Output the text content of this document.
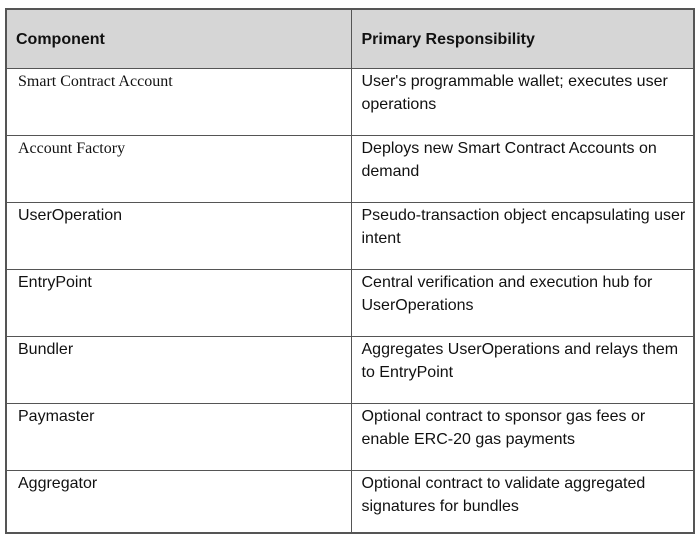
Component	Primary Responsibility
Smart Contract Account	User's programmable wallet; executes user operations
Account Factory	Deploys new Smart Contract Accounts on demand
UserOperation	Pseudo-transaction object encapsulating user intent
EntryPoint	Central verification and execution hub for UserOperations
Bundler	Aggregates UserOperations and relays them to EntryPoint
Paymaster	Optional contract to sponsor gas fees or enable ERC-20 gas payments
Aggregator	Optional contract to validate aggregated signatures for bundles
